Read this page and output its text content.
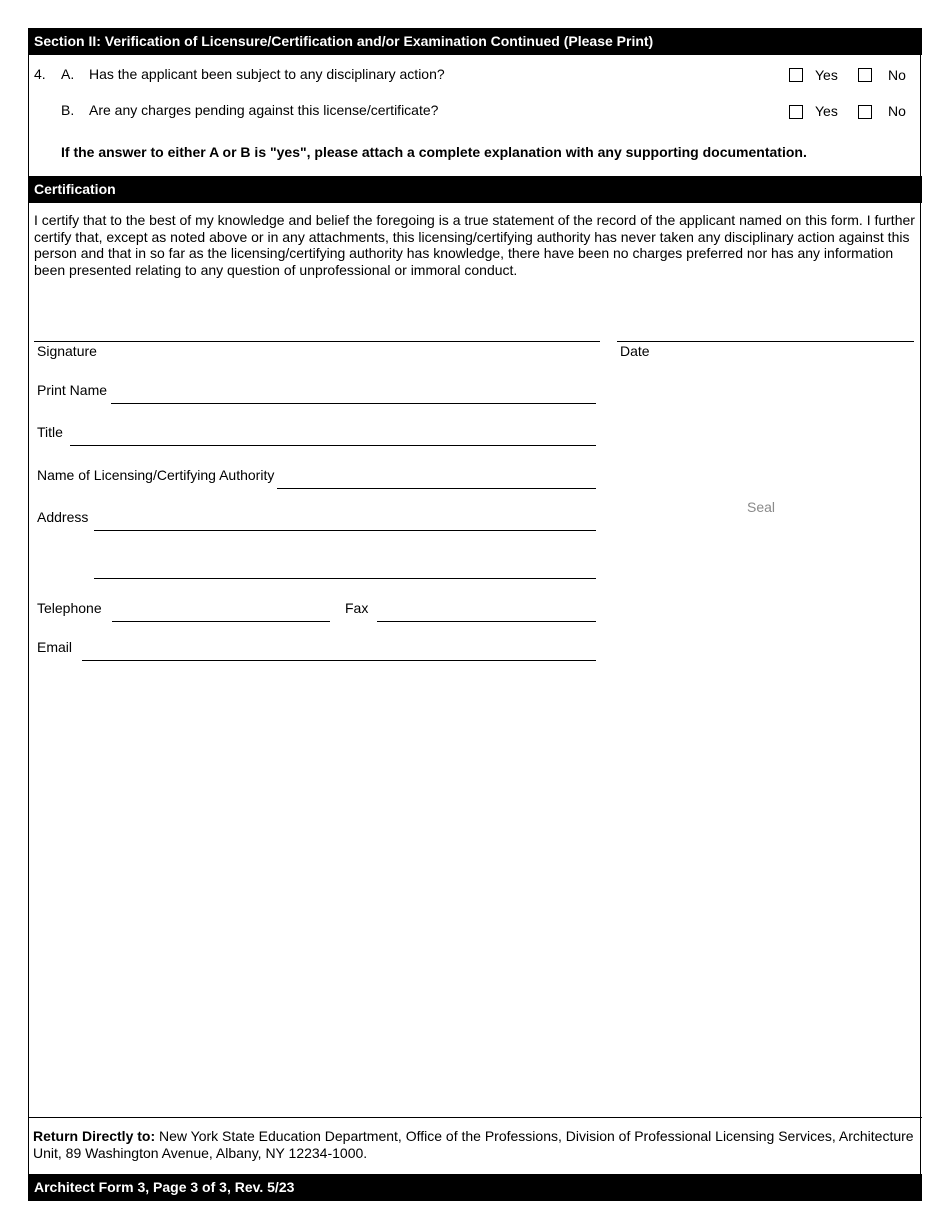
Section II: Verification of Licensure/Certification and/or Examination Continued (Please Print)
4. A. Has the applicant been subject to any disciplinary action?	Yes	No
B. Are any charges pending against this license/certificate?	Yes	No
If the answer to either A or B is "yes", please attach a complete explanation with any supporting documentation.
Certification
I certify that to the best of my knowledge and belief the foregoing is a true statement of the record of the applicant named on this form. I further certify that, except as noted above or in any attachments, this licensing/certifying authority has never taken any disciplinary action against this person and that in so far as the licensing/certifying authority has knowledge, there have been no charges preferred nor has any information been presented relating to any question of unprofessional or immoral conduct.
Signature	Date
Print Name
Title
Name of Licensing/Certifying Authority
Address
Seal
Telephone	Fax
Email
Return Directly to: New York State Education Department, Office of the Professions, Division of Professional Licensing Services, Architecture Unit, 89 Washington Avenue, Albany, NY 12234-1000.
Architect Form 3, Page 3 of 3, Rev. 5/23
